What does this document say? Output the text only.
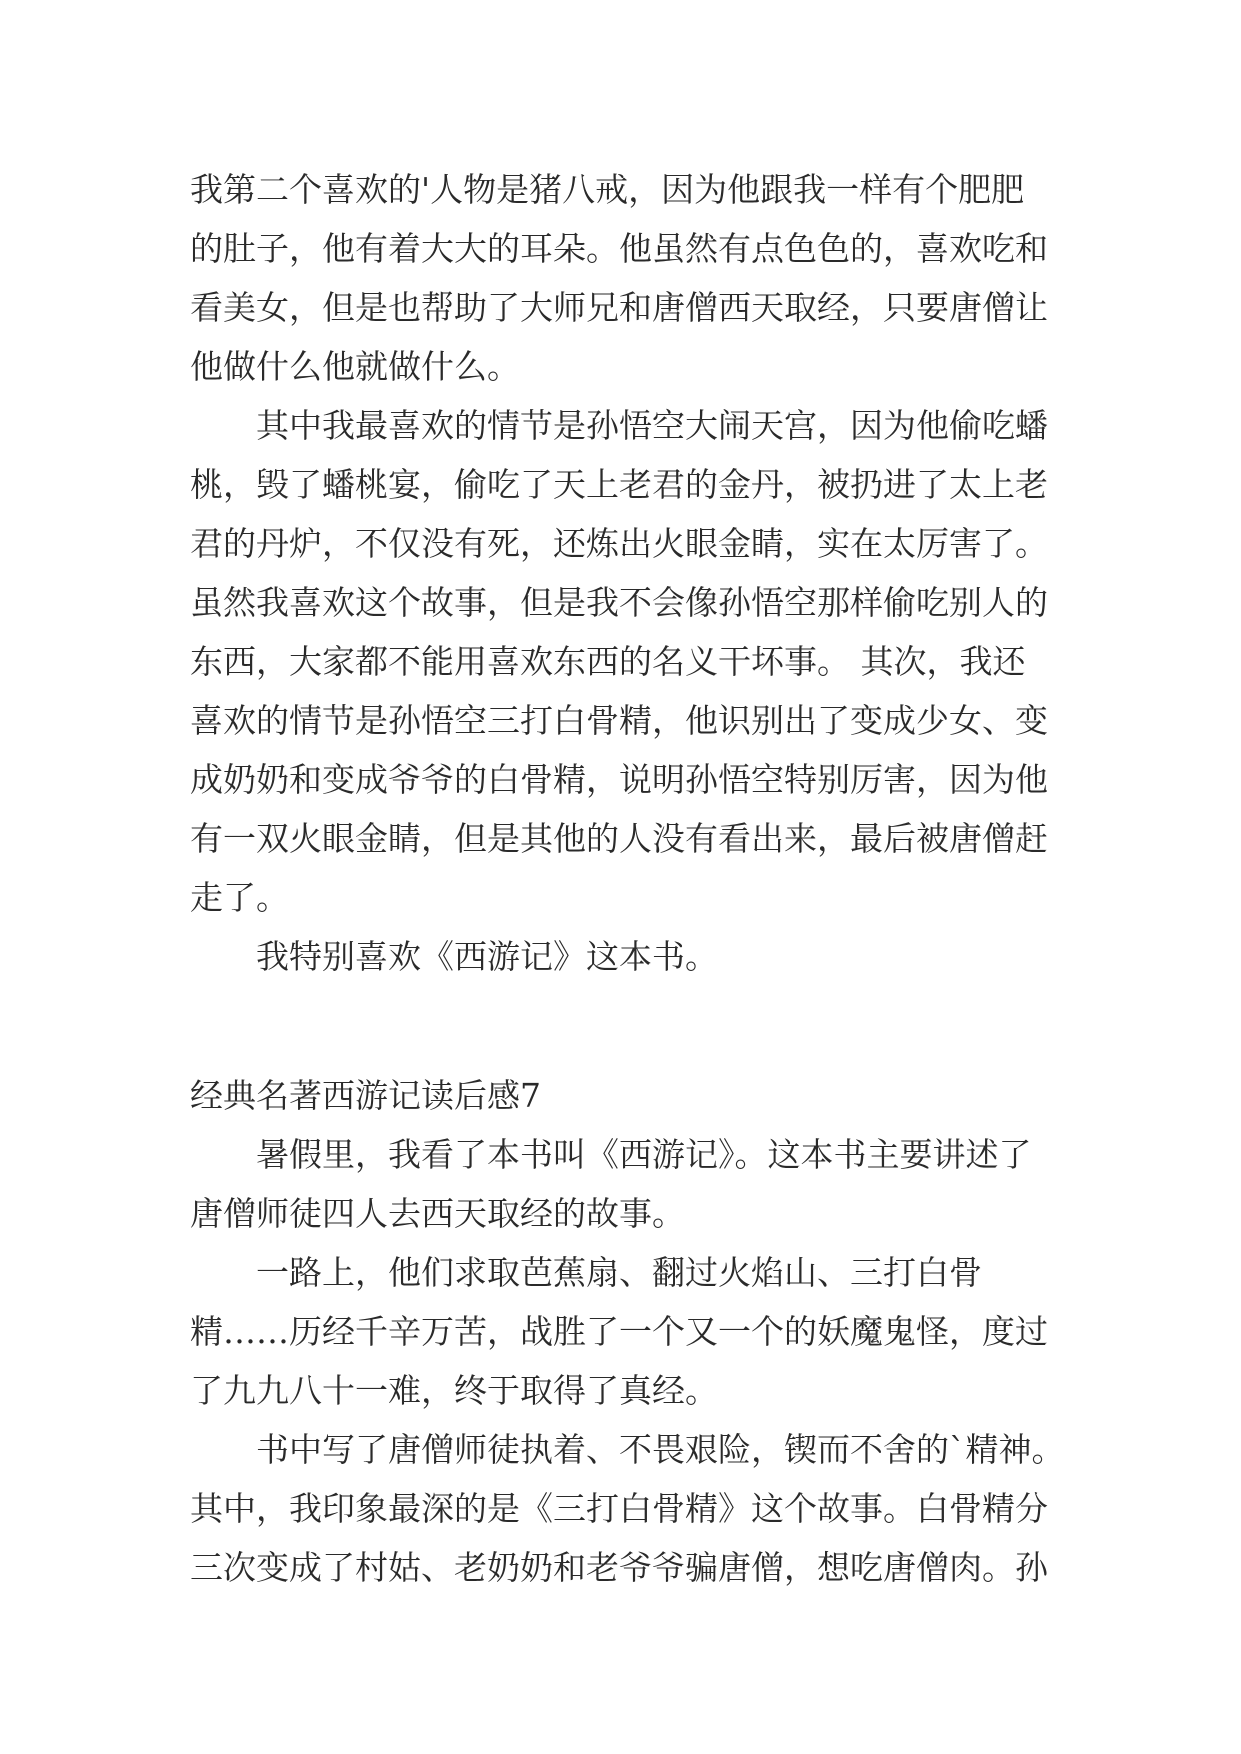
我第二个喜欢的'人物是猪八戒，因为他跟我一样有个肥肥
的肚子，他有着大大的耳朵。他虽然有点色色的，喜欢吃和
看美女，但是也帮助了大师兄和唐僧西天取经，只要唐僧让
他做什么他就做什么。
其中我最喜欢的情节是孙悟空大闹天宫，因为他偷吃蟠
桃，毁了蟠桃宴，偷吃了天上老君的金丹，被扔进了太上老
君的丹炉，不仅没有死，还炼出火眼金睛，实在太厉害了。
虽然我喜欢这个故事，但是我不会像孙悟空那样偷吃别人的
东西，大家都不能用喜欢东西的名义干坏事。 其次，我还
喜欢的情节是孙悟空三打白骨精，他识别出了变成少女、变
成奶奶和变成爷爷的白骨精，说明孙悟空特别厉害，因为他
有一双火眼金睛，但是其他的人没有看出来，最后被唐僧赶
走了。
我特别喜欢《西游记》这本书。
经典名著西游记读后感7
暑假里，我看了本书叫《西游记》。这本书主要讲述了
唐僧师徒四人去西天取经的故事。
一路上，他们求取芭蕉扇、翻过火焰山、三打白骨
精……历经千辛万苦，战胜了一个又一个的妖魔鬼怪，度过
了九九八十一难，终于取得了真经。
书中写了唐僧师徒执着、不畏艰险，锲而不舍的`精神。
其中，我印象最深的是《三打白骨精》这个故事。白骨精分
三次变成了村姑、老奶奶和老爷爷骗唐僧，想吃唐僧肉。孙
